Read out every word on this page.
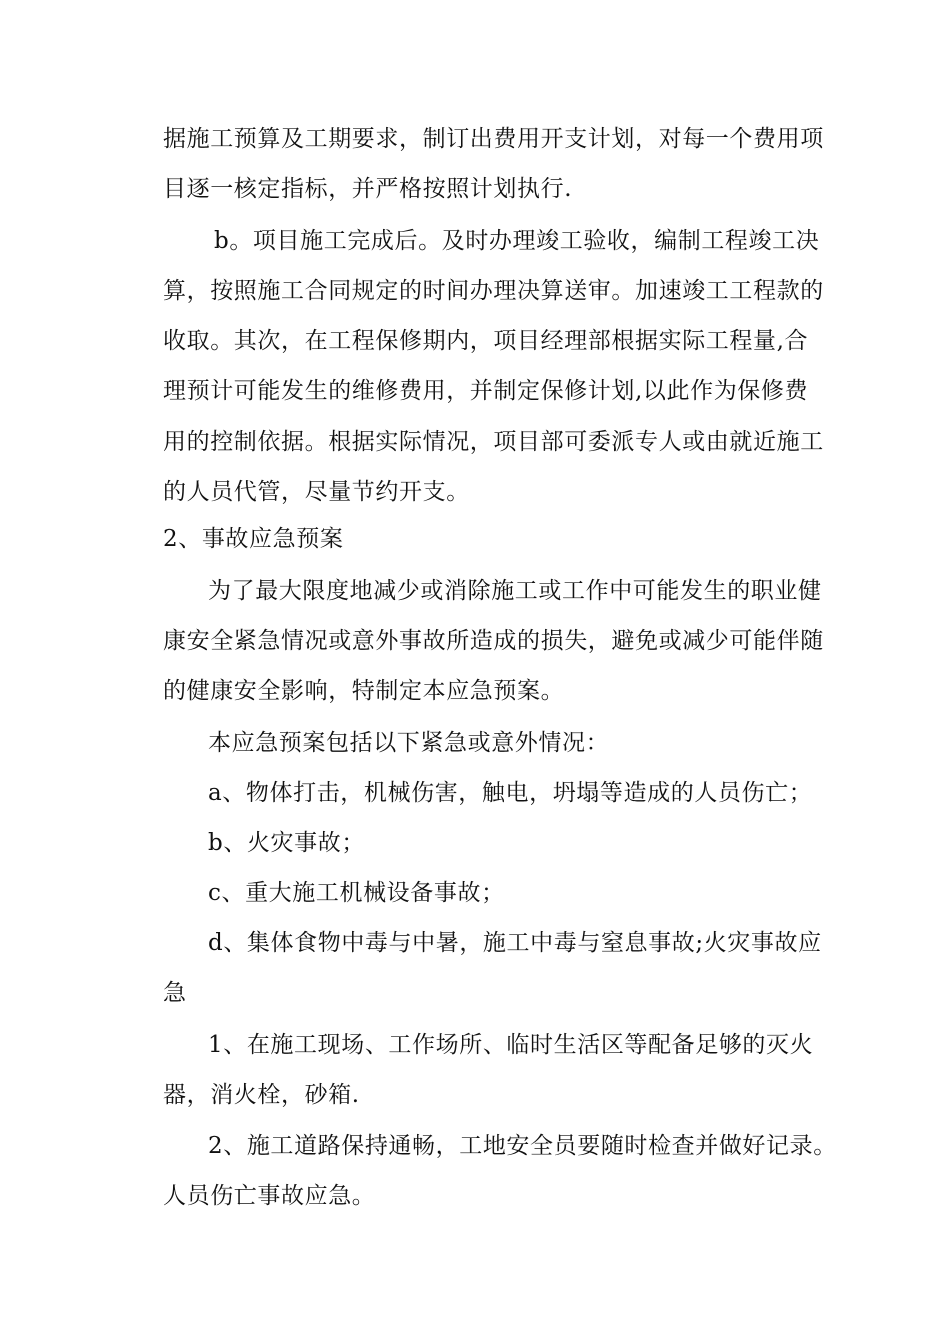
据施工预算及工期要求，制订出费用开支计划，对每一个费用项
目逐一核定指标，并严格按照计划执行.
b。项目施工完成后。及时办理竣工验收，编制工程竣工决
算，按照施工合同规定的时间办理决算送审。加速竣工工程款的
收取。其次，在工程保修期内，项目经理部根据实际工程量,合
理预计可能发生的维修费用，并制定保修计划,以此作为保修费
用的控制依据。根据实际情况，项目部可委派专人或由就近施工
的人员代管，尽量节约开支。
2、事故应急预案
为了最大限度地减少或消除施工或工作中可能发生的职业健
康安全紧急情况或意外事故所造成的损失，避免或减少可能伴随
的健康安全影响，特制定本应急预案。
本应急预案包括以下紧急或意外情况：
a、物体打击，机械伤害，触电，坍塌等造成的人员伤亡；
b、火灾事故；
c、重大施工机械设备事故；
d、集体食物中毒与中暑，施工中毒与窒息事故;火灾事故应
急
1、在施工现场、工作场所、临时生活区等配备足够的灭火
器，消火栓，砂箱.
2、施工道路保持通畅，工地安全员要随时检查并做好记录。
人员伤亡事故应急。
